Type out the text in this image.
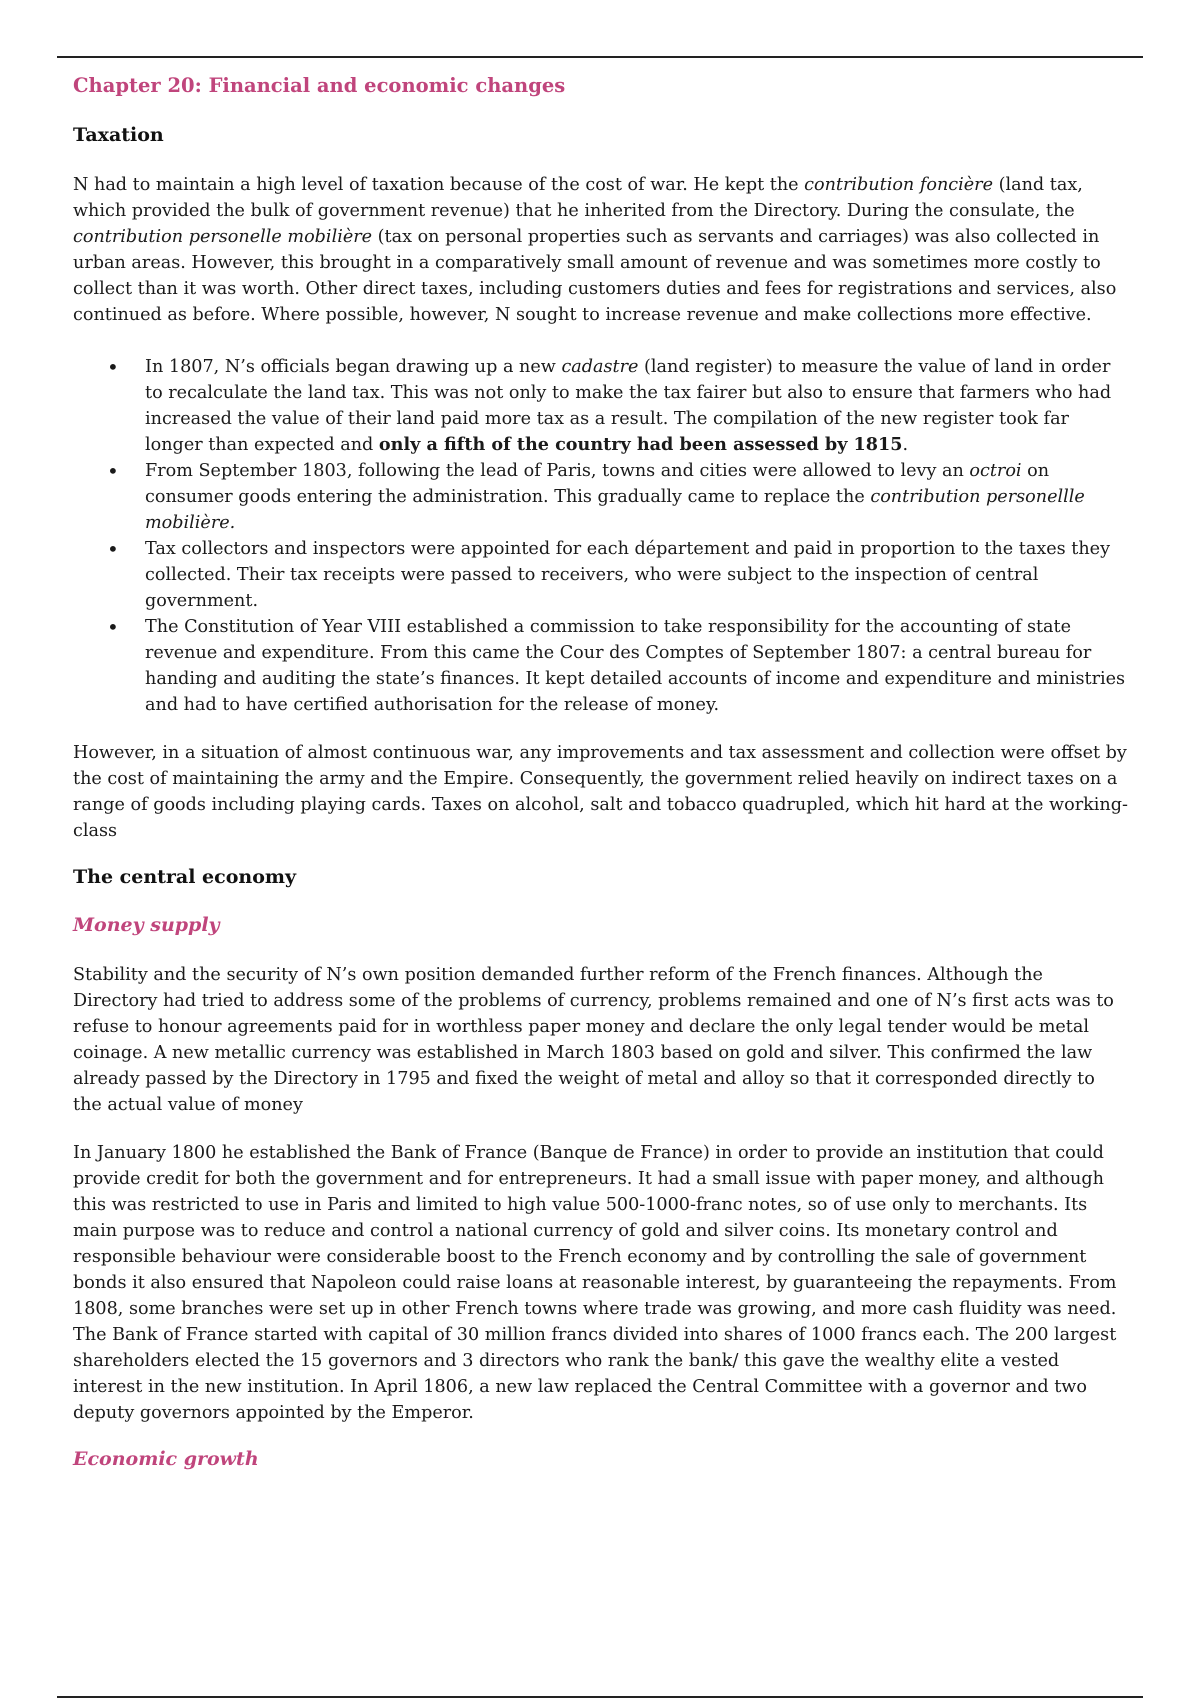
Chapter 20: Financial and economic changes
Taxation

N had to maintain a high level of taxation because of the cost of war. He kept the contribution foncière (land tax, which provided the bulk of government revenue) that he inherited from the Directory. During the consulate, the contribution personelle mobilière (tax on personal properties such as servants and carriages) was also collected in urban areas. However, this brought in a comparatively small amount of revenue and was sometimes more costly to collect than it was worth. Other direct taxes, including customers duties and fees for registrations and services, also continued as before. Where possible, however, N sought to increase revenue and make collections more effective.

• In 1807, N’s officials began drawing up a new cadastre (land register) to measure the value of land in order to recalculate the land tax. This was not only to make the tax fairer but also to ensure that farmers who had increased the value of their land paid more tax as a result. The compilation of the new register took far longer than expected and only a fifth of the country had been assessed by 1815.
• From September 1803, following the lead of Paris, towns and cities were allowed to levy an octroi on consumer goods entering the administration. This gradually came to replace the contribution personellle mobilière.
• Tax collectors and inspectors were appointed for each département and paid in proportion to the taxes they collected. Their tax receipts were passed to receivers, who were subject to the inspection of central government.
• The Constitution of Year VIII established a commission to take responsibility for the accounting of state revenue and expenditure. From this came the Cour des Comptes of September 1807: a central bureau for handing and auditing the state’s finances. It kept detailed accounts of income and expenditure and ministries and had to have certified authorisation for the release of money.

However, in a situation of almost continuous war, any improvements and tax assessment and collection were offset by the cost of maintaining the army and the Empire. Consequently, the government relied heavily on indirect taxes on a range of goods including playing cards. Taxes on alcohol, salt and tobacco quadrupled, which hit hard at the working-class

The central economy
Money supply

Stability and the security of N’s own position demanded further reform of the French finances. Although the Directory had tried to address some of the problems of currency, problems remained and one of N’s first acts was to refuse to honour agreements paid for in worthless paper money and declare the only legal tender would be metal coinage. A new metallic currency was established in March 1803 based on gold and silver. This confirmed the law already passed by the Directory in 1795 and fixed the weight of metal and alloy so that it corresponded directly to the actual value of money

In January 1800 he established the Bank of France (Banque de France) in order to provide an institution that could provide credit for both the government and for entrepreneurs. It had a small issue with paper money, and although this was restricted to use in Paris and limited to high value 500-1000-franc notes, so of use only to merchants. Its main purpose was to reduce and control a national currency of gold and silver coins. Its monetary control and responsible behaviour were considerable boost to the French economy and by controlling the sale of government bonds it also ensured that Napoleon could raise loans at reasonable interest, by guaranteeing the repayments. From 1808, some branches were set up in other French towns where trade was growing, and more cash fluidity was need. The Bank of France started with capital of 30 million francs divided into shares of 1000 francs each. The 200 largest shareholders elected the 15 governors and 3 directors who rank the bank/ this gave the wealthy elite a vested interest in the new institution. In April 1806, a new law replaced the Central Committee with a governor and two deputy governors appointed by the Emperor.

Economic growth
